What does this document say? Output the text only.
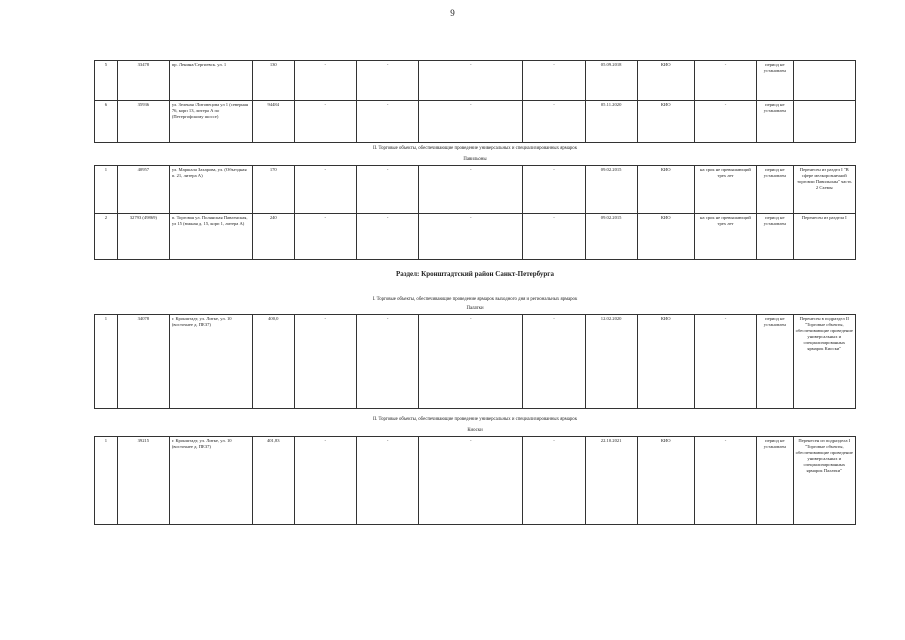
9
5	33478	пр. Ленина/Сергиевск. ул. 1	130	-	-	-	-	05.09.2018	КИО	-	период не установлен	
6	35936	ул. Зеленая /Литовецова ул 1 (северная 76, корп 13, литера А по (Петергофскому шоссе)	94484	-	-	-	-	05.11.2020	КИО	-	период не установлен	
II. Торговые объекты, обеспечивающие проведение универсальных и специализированных ярмарок
Павильоны
1	40957	ул. Маршала Захарова, ул. (Объездная п. 21, литера А)	170	-	-	-	-	09.02.2015	КИО	на срок не превышающий трех лет	период не установлен	Перенесен из раздел I "В сфере мелкорозничной торговли Павильоны" часть 2 Схемы
2	32793 (49869)	п. Торговая ул. Полянская Павленская, ул 15 (южная д. 15, корп 1, литера А)	240	-	-	-	-	09.02.2015	КИО	на срок не превышающий трех лет	период не установлен	Перенесен из раздела I
Раздел: Кронштадтский район Санкт-Петербурга
I. Торговые объекты, обеспечивающие проведение ярмарок выходного дня и региональных ярмарок
Палатки
1	34078	г. Кронштадт, ул. Литке, ул. 10 (восточнее д. ПЕ37)	400,0	-	-	-	-	12.02.2020	КИО	-	период не установлен	Перенесен в подраздел II "Торговые объекты, обеспечивающие проведение универсальных и специализированных ярмарок Киоски"
II. Торговые объекты, обеспечивающие проведение универсальных и специализированных ярмарок
Киоски
1	39215	г. Кронштадт, ул. Литке, ул. 10 (восточнее д. ПЕ37)	401,83	-	-	-	-	22.10.2021	КИО	-	период не установлен	Перенесен из подраздела I "Торговые объекты, обеспечивающие проведение универсальных и специализированных ярмарок Палатки"
